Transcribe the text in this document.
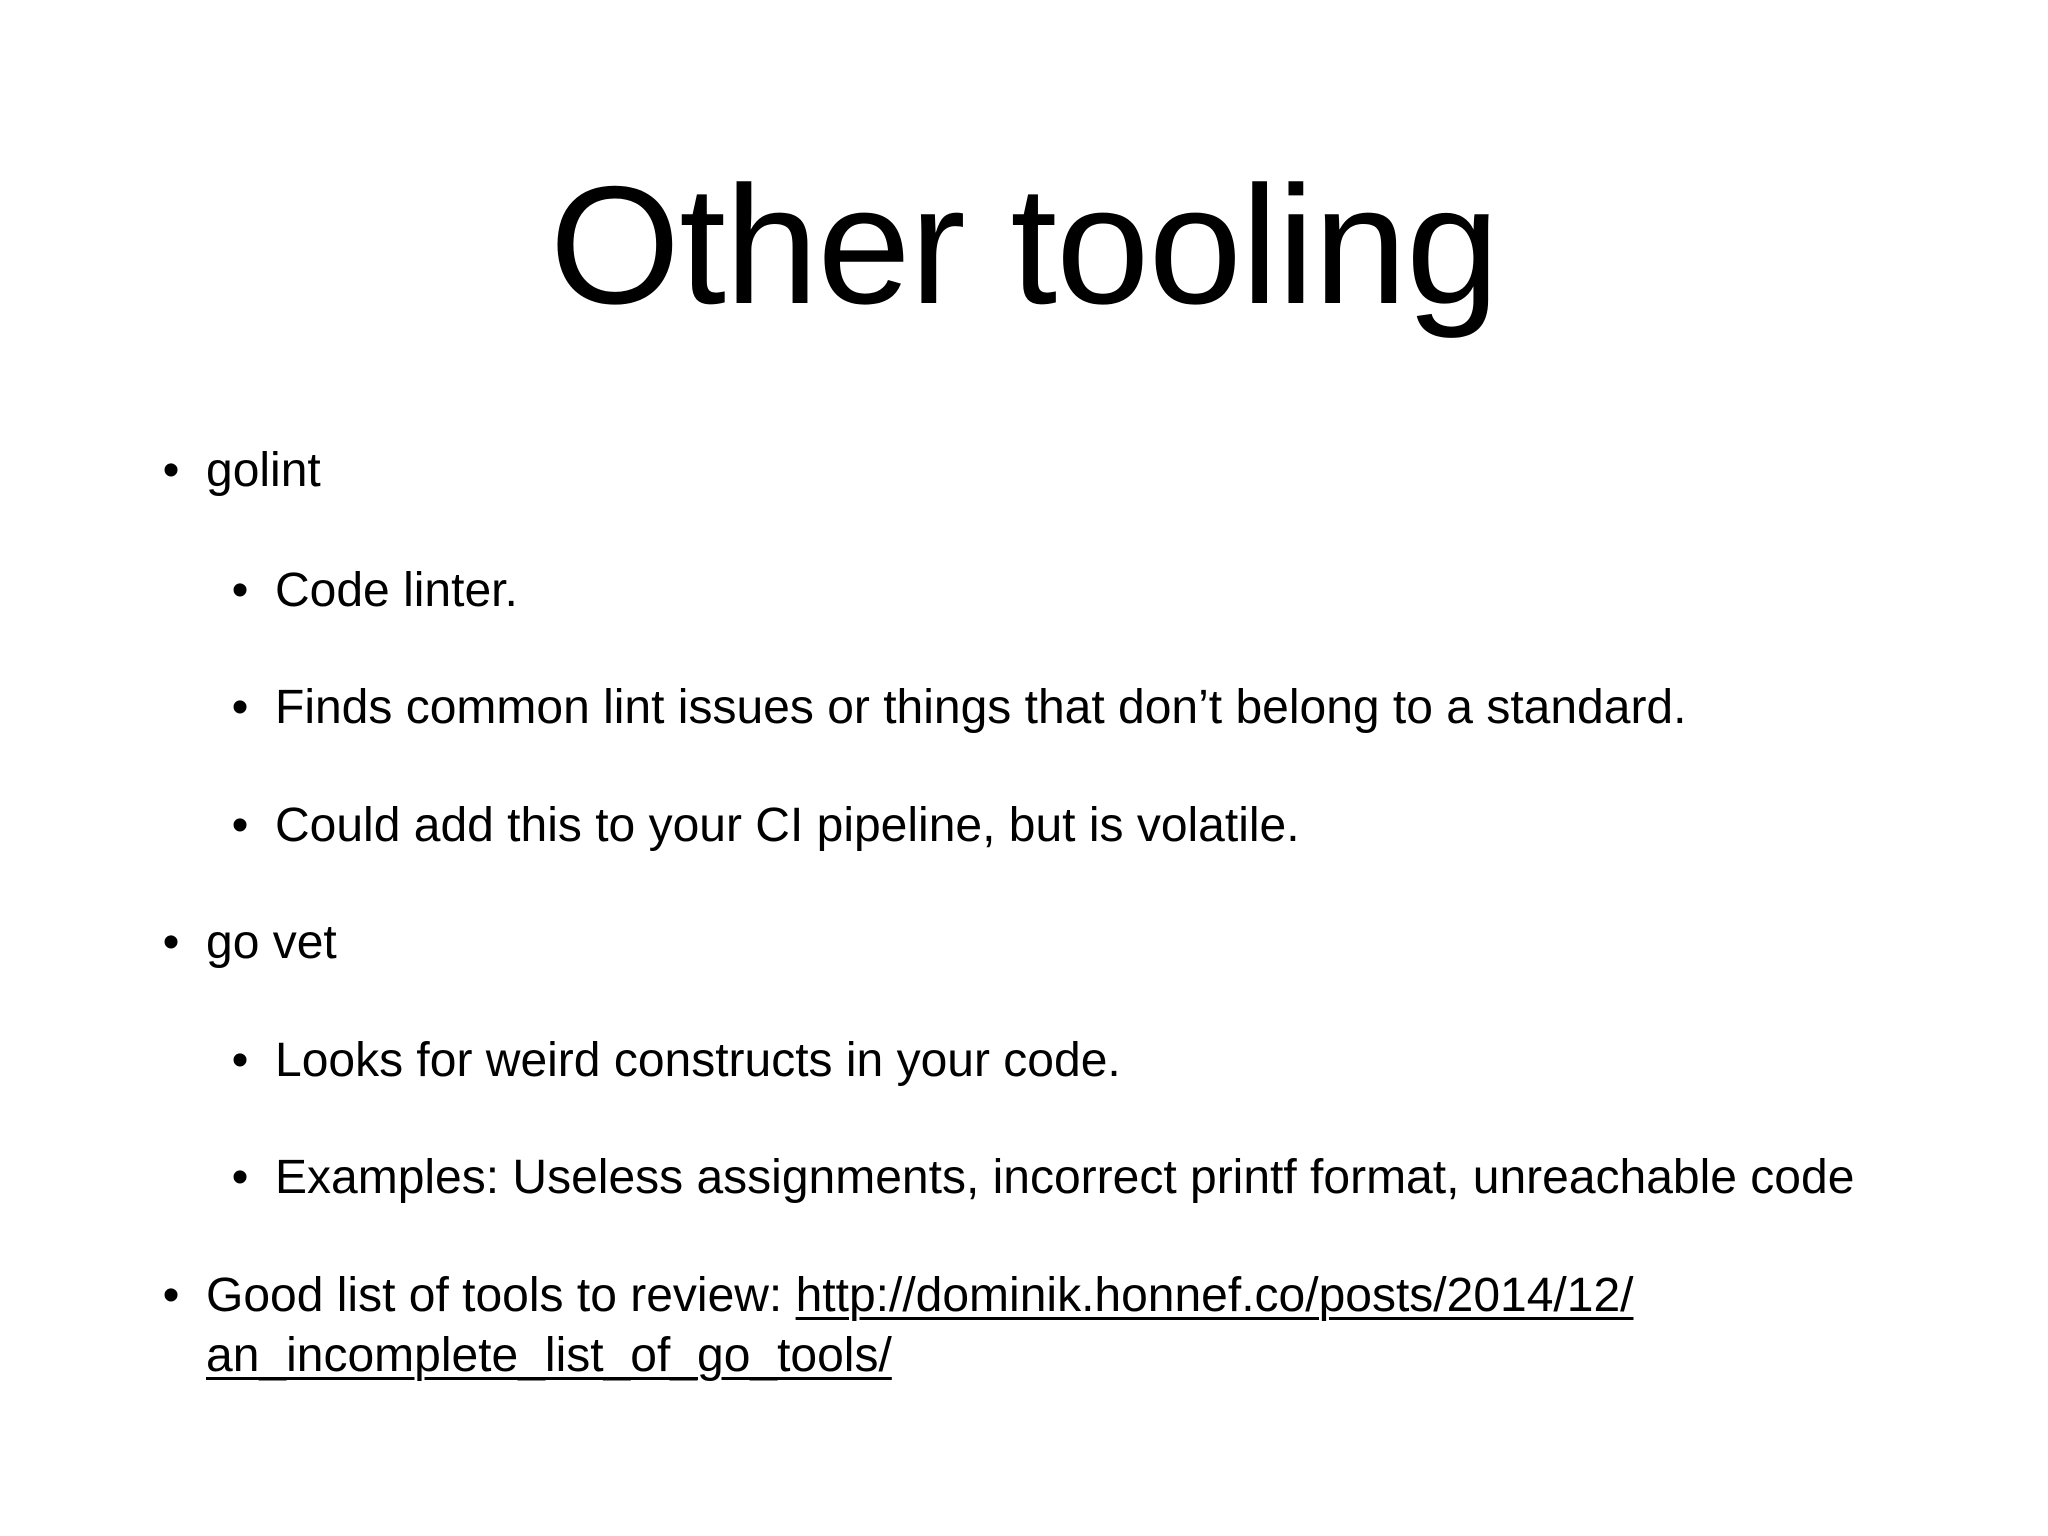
Other tooling
• golint
• Code linter.
• Finds common lint issues or things that don’t belong to a standard.
• Could add this to your CI pipeline, but is volatile.
• go vet
• Looks for weird constructs in your code.
• Examples: Useless assignments, incorrect printf format, unreachable code
• Good list of tools to review: http://dominik.honnef.co/posts/2014/12/
an_incomplete_list_of_go_tools/
